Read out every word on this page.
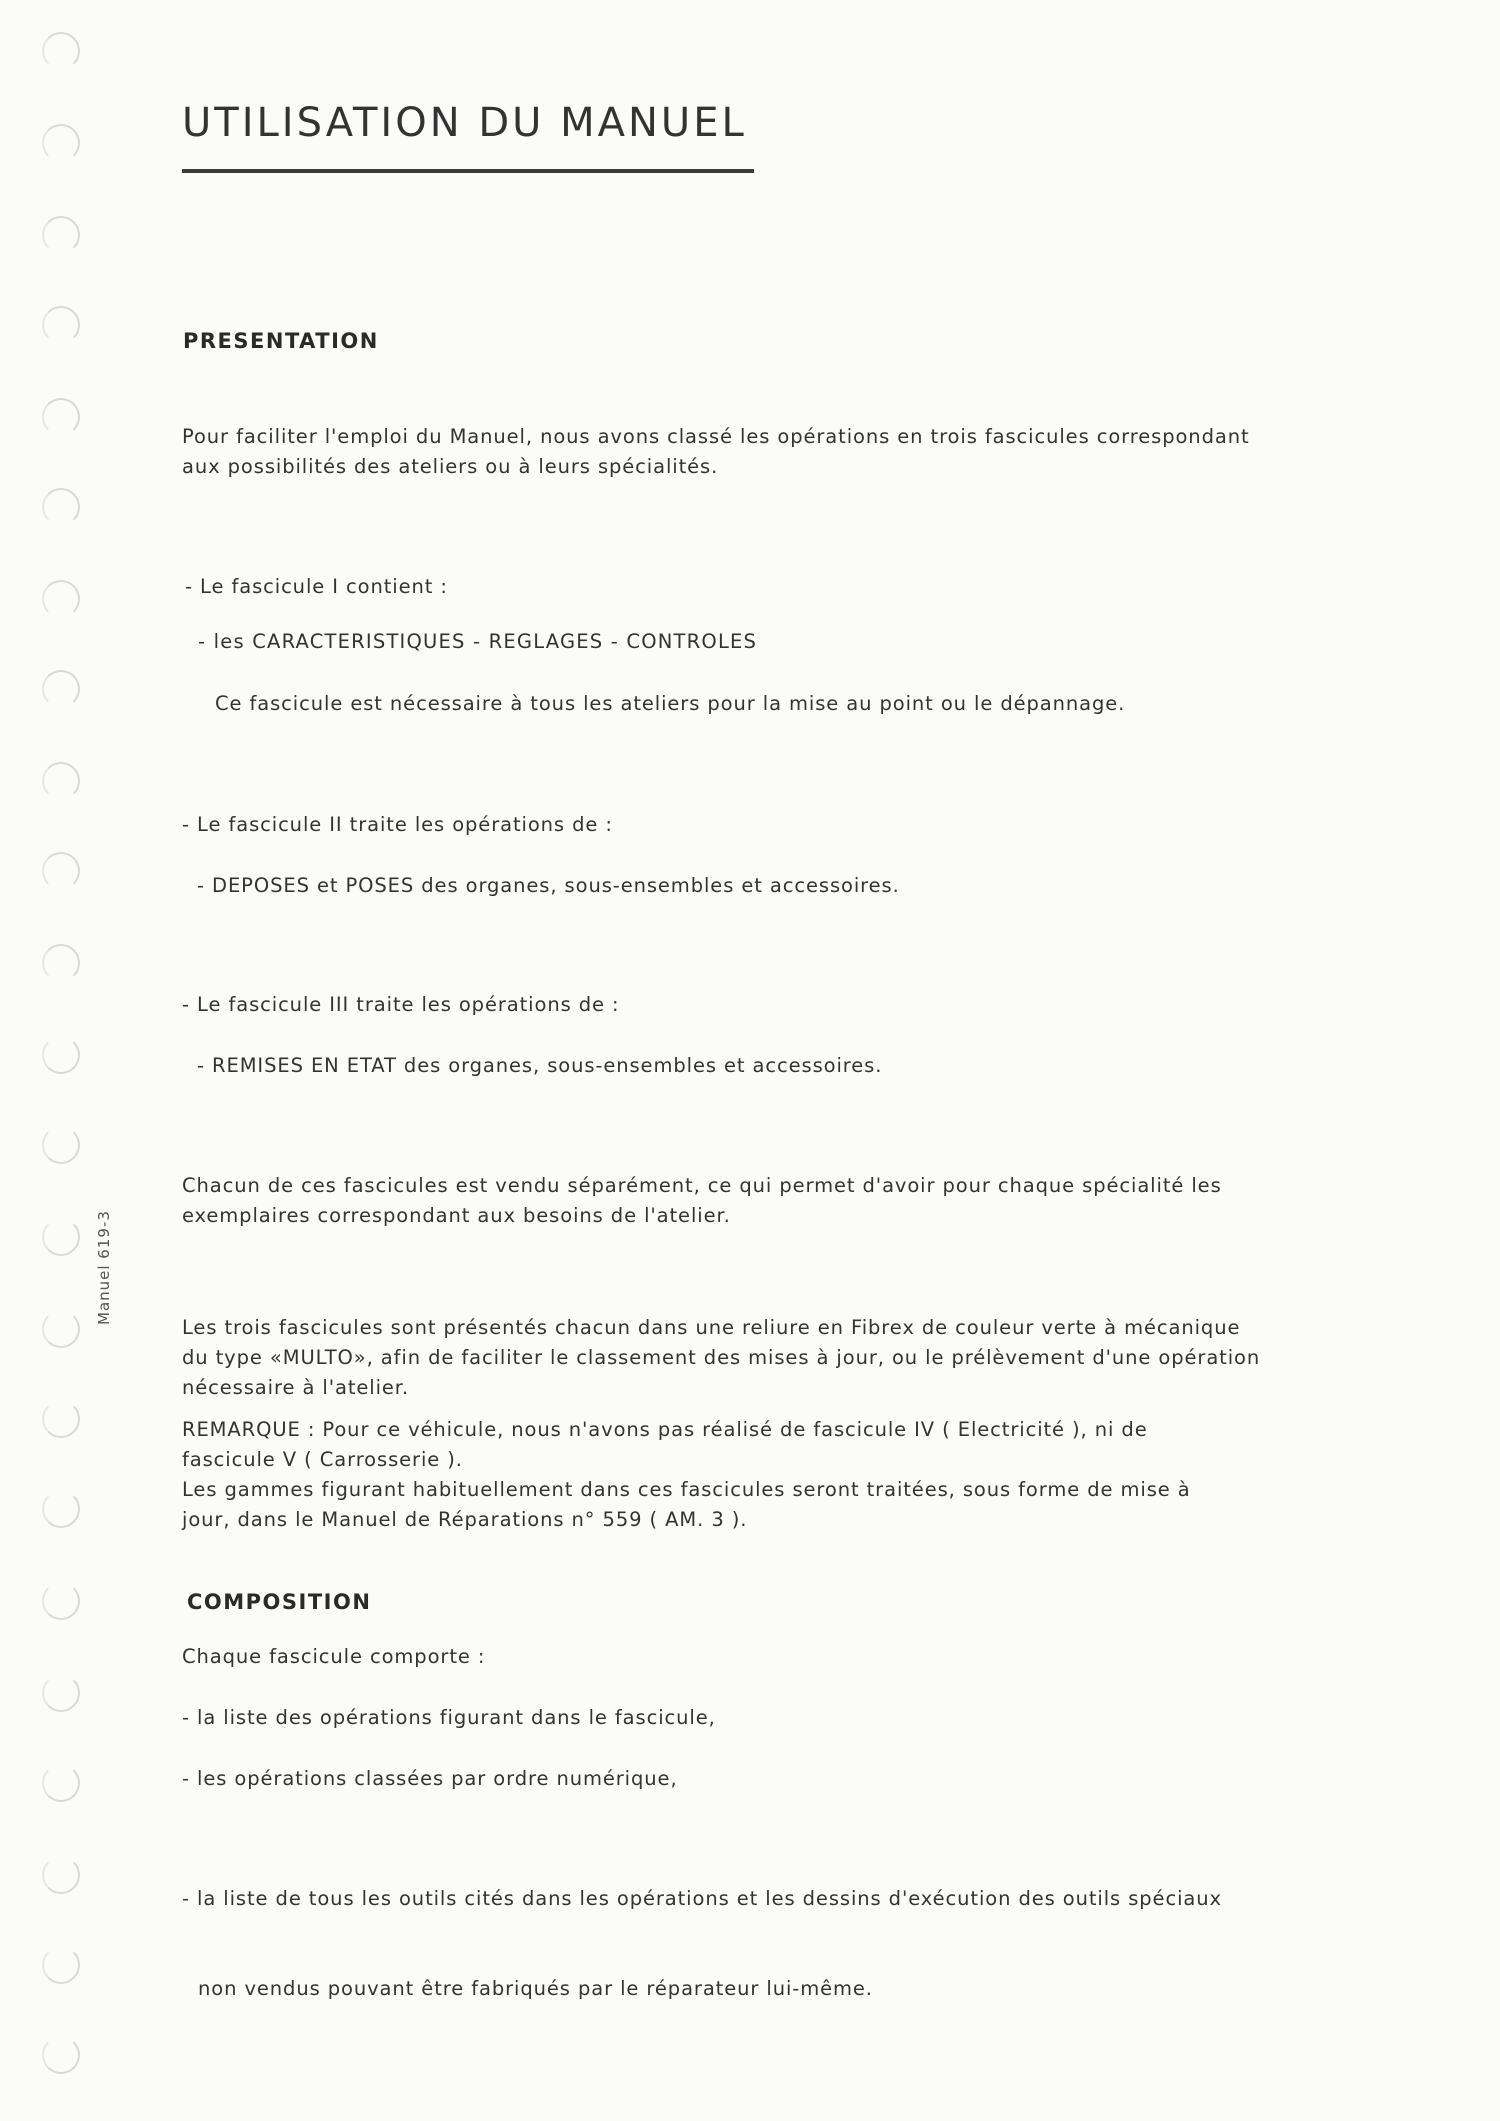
Manuel 619-3
UTILISATION DU MANUEL
PRESENTATION
Pour faciliter l'emploi du Manuel, nous avons classé les opérations en trois fascicules correspondant
aux possibilités des ateliers ou à leurs spécialités.
- Le fascicule I contient :
- les CARACTERISTIQUES - REGLAGES - CONTROLES
Ce fascicule est nécessaire à tous les ateliers pour la mise au point ou le dépannage.
- Le fascicule II traite les opérations de :
- DEPOSES et POSES des organes, sous-ensembles et accessoires.
- Le fascicule III traite les opérations de :
- REMISES EN ETAT des organes, sous-ensembles et accessoires.
Chacun de ces fascicules est vendu séparément, ce qui permet d'avoir pour chaque spécialité les
exemplaires correspondant aux besoins de l'atelier.
Les trois fascicules sont présentés chacun dans une reliure en Fibrex de couleur verte à mécanique
du type «MULTO», afin de faciliter le classement des mises à jour, ou le prélèvement d'une opération
nécessaire à l'atelier.
REMARQUE : Pour ce véhicule, nous n'avons pas réalisé de fascicule IV ( Electricité ), ni de
fascicule V ( Carrosserie ).
Les gammes figurant habituellement dans ces fascicules seront traitées, sous forme de mise à
jour, dans le Manuel de Réparations n° 559 ( AM. 3 ).
COMPOSITION
Chaque fascicule comporte :
- la liste des opérations figurant dans le fascicule,
- les opérations classées par ordre numérique,

- la liste de tous les outils cités dans les opérations et les dessins d'exécution des outils spéciaux

non vendus pouvant être fabriqués par le réparateur lui-même.
